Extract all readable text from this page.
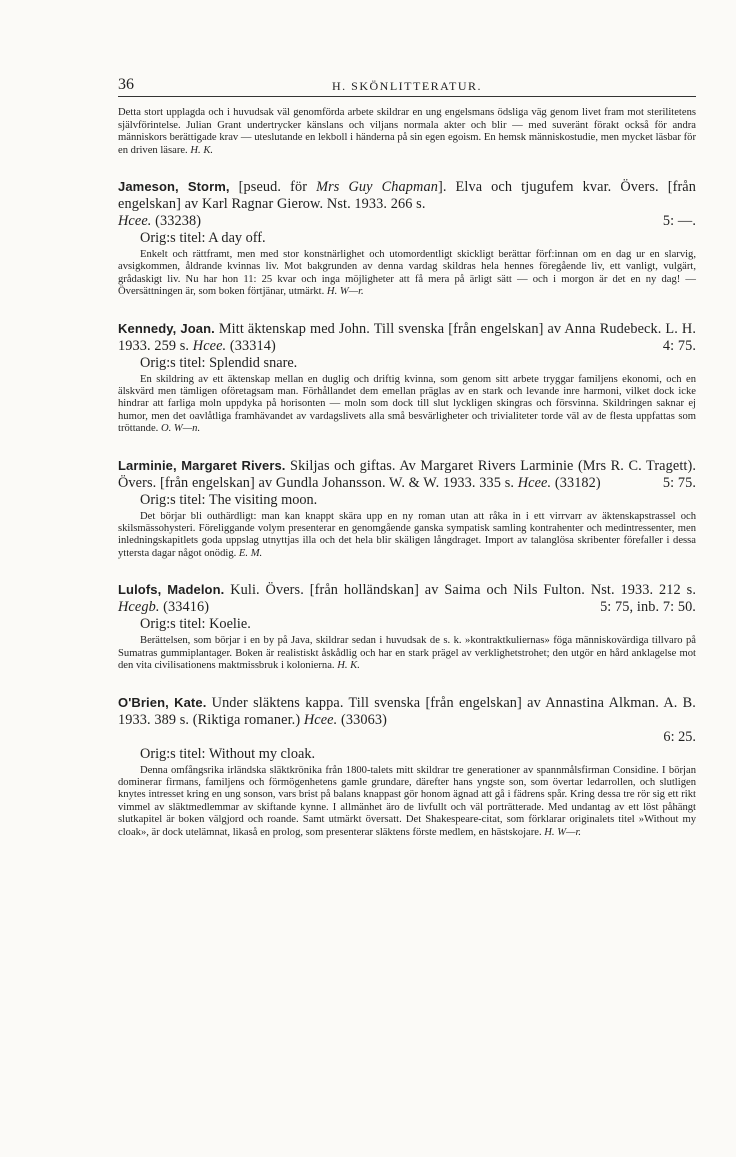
36	H. SKÖNLITTERATUR.

Detta stort upplagda och i huvudsak väl genomförda arbete skildrar en ung engelsmans ödsliga väg genom livet fram mot sterilitetens självförintelse. Julian Grant undertrycker känslans och viljans normala akter och blir — med suveränt förakt också för andra människors berättigade krav — uteslutande en lekboll i händerna på sin egen egoism. En hemsk människostudie, men mycket läsbar för en driven läsare. H. K.

Jameson, Storm, [pseud. för Mrs Guy Chapman]. Elva och tjugufem kvar. Övers. [från engelskan] av Karl Ragnar Gierow. Nst. 1933. 266 s.
Hcee. (33238)	5: —.
Orig:s titel: A day off.

Enkelt och rättframt, men med stor konstnärlighet och utomordentligt skickligt berättar förf:innan om en dag ur en slarvig, avsigkommen, åldrande kvinnas liv. Mot bakgrunden av denna vardag skildras hela hennes föregående liv, ett vanligt, vulgärt, grådaskigt liv. Nu har hon 11: 25 kvar och inga möjligheter att få mera på ärligt sätt — och i morgon är det en ny dag! — Översättningen är, som boken förtjänar, utmärkt. H. W—r.

Kennedy, Joan. Mitt äktenskap med John. Till svenska [från engelskan] av Anna Rudebeck. L. H. 1933. 259 s. Hcee. (33314)	4: 75.
Orig:s titel: Splendid snare.

En skildring av ett äktenskap mellan en duglig och driftig kvinna, som genom sitt arbete tryggar familjens ekonomi, och en älskvärd men tämligen oföretagsam man. Förhållandet dem emellan präglas av en stark och levande inre harmoni, vilket dock icke hindrar att farliga moln uppdyka på horisonten — moln som dock till slut lyckligen skingras och försvinna. Skildringen saknar ej humor, men det oavlåtliga framhävandet av vardagslivets alla små besvärligheter och trivialiteter torde väl av de flesta uppfattas som tröttande. O. W—n.

Larminie, Margaret Rivers. Skiljas och giftas. Av Margaret Rivers Larminie (Mrs R. C. Tragett). Övers. [från engelskan] av Gundla Johansson. W. & W. 1933. 335 s. Hcee. (33182)	5: 75.
Orig:s titel: The visiting moon.

Det börjar bli outhärdligt: man kan knappt skära upp en ny roman utan att råka in i ett virrvarr av äktenskapstrassel och skilsmässohysteri. Föreliggande volym presenterar en genomgående ganska sympatisk samling kontrahenter och medintressenter, men inledningskapitlets goda uppslag utnyttjas illa och det hela blir skäligen långdraget. Import av talanglösa skribenter förefaller i dessa yttersta dagar något onödig. E. M.

Lulofs, Madelon. Kuli. Övers. [från holländskan] av Saima och Nils Fulton. Nst. 1933. 212 s. Hcegb. (33416)	5: 75, inb. 7: 50.
Orig:s titel: Koelie.

Berättelsen, som börjar i en by på Java, skildrar sedan i huvudsak de s. k. »kontraktkuliernas» föga människovärdiga tillvaro på Sumatras gummiplantager. Boken är realistiskt åskådlig och har en stark prägel av verklighetstrohet; den utgör en hård anklagelse mot den vita civilisationens maktmissbruk i kolonierna. H. K.

O'Brien, Kate. Under släktens kappa. Till svenska [från engelskan] av Annastina Alkman. A. B. 1933. 389 s. (Riktiga romaner.) Hcee. (33063)
6: 25.
Orig:s titel: Without my cloak.

Denna omfångsrika irländska släktkrönika från 1800-talets mitt skildrar tre generationer av spannmålsfirman Considine. I början dominerar firmans, familjens och förmögenhetens gamle grundare, därefter hans yngste son, som övertar ledarrollen, och slutligen knytes intresset kring en ung sonson, vars brist på balans knappast gör honom ägnad att gå i fädrens spår. Kring dessa tre rör sig ett rikt vimmel av släktmedlemmar av skiftande kynne. I allmänhet äro de livfullt och väl porträtterade. Med undantag av ett löst påhängt slutkapitel är boken välgjord och roande. Samt utmärkt översatt. Det Shakespeare-citat, som förklarar originalets titel »Without my cloak», är dock utelämnat, likaså en prolog, som presenterar släktens förste medlem, en hästskojare. H. W—r.
